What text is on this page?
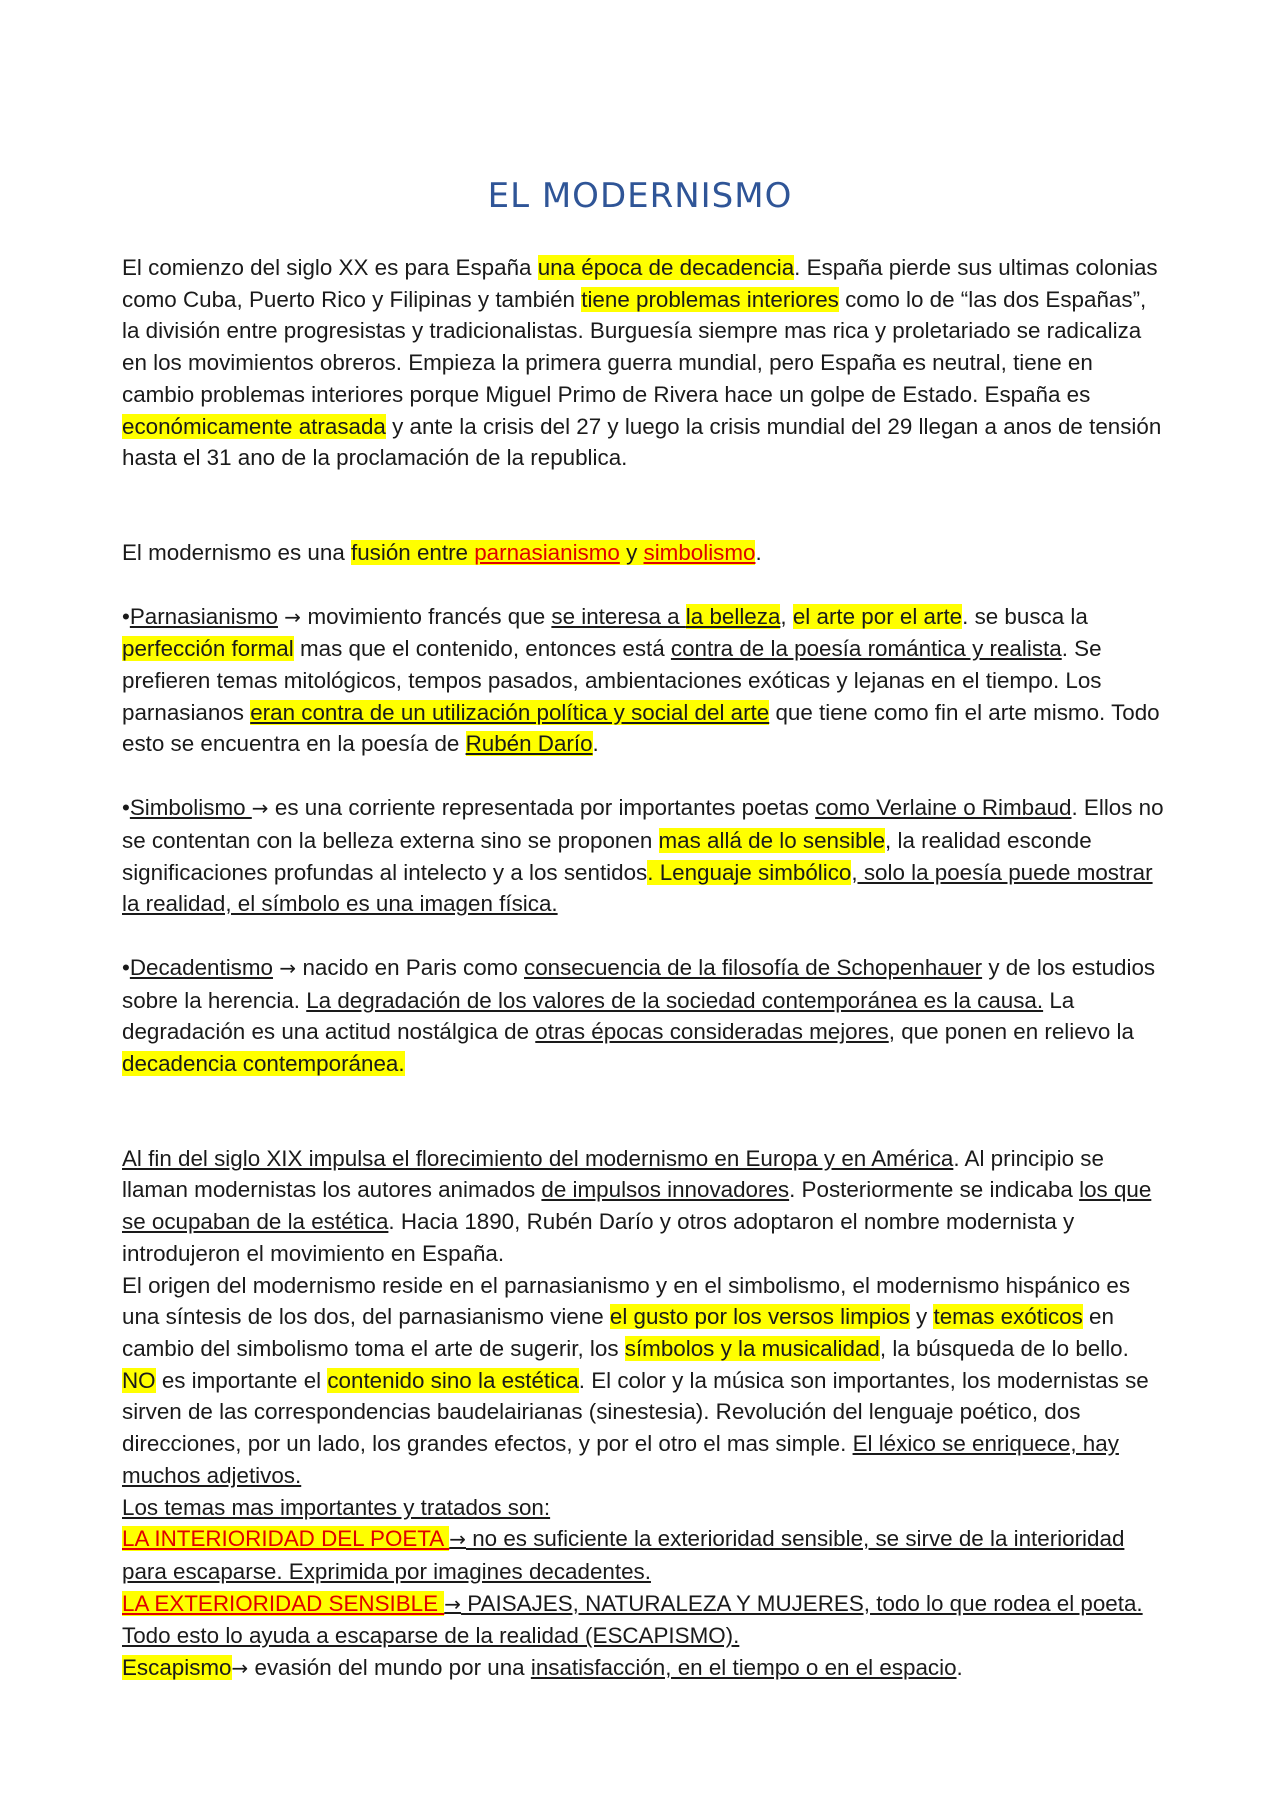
EL MODERNISMO

El comienzo del siglo XX es para España una época de decadencia. España pierde sus ultimas colonias como Cuba, Puerto Rico y Filipinas y también tiene problemas interiores como lo de “las dos Españas”, la división entre progresistas y tradicionalistas. Burguesía siempre mas rica y proletariado se radicaliza en los movimientos obreros. Empieza la primera guerra mundial, pero España es neutral, tiene en cambio problemas interiores porque Miguel Primo de Rivera hace un golpe de Estado. España es económicamente atrasada y ante la crisis del 27 y luego la crisis mundial del 29 llegan a anos de tensión hasta el 31 ano de la proclamación de la republica.

El modernismo es una fusión entre parnasianismo y simbolismo.

•Parnasianismo → movimiento francés que se interesa a la belleza, el arte por el arte. se busca la perfección formal mas que el contenido, entonces está contra de la poesía romántica y realista. Se prefieren temas mitológicos, tempos pasados, ambientaciones exóticas y lejanas en el tiempo. Los parnasianos eran contra de un utilización política y social del arte que tiene como fin el arte mismo. Todo esto se encuentra en la poesía de Rubén Darío.

•Simbolismo → es una corriente representada por importantes poetas como Verlaine o Rimbaud. Ellos no se contentan con la belleza externa sino se proponen mas allá de lo sensible, la realidad esconde significaciones profundas al intelecto y a los sentidos. Lenguaje simbólico, solo la poesía puede mostrar la realidad, el símbolo es una imagen física.

•Decadentismo → nacido en Paris como consecuencia de la filosofía de Schopenhauer y de los estudios sobre la herencia. La degradación de los valores de la sociedad contemporánea es la causa. La degradación es una actitud nostálgica de otras épocas consideradas mejores, que ponen en relievo la decadencia contemporánea.

Al fin del siglo XIX impulsa el florecimiento del modernismo en Europa y en América. Al principio se llaman modernistas los autores animados de impulsos innovadores. Posteriormente se indicaba los que se ocupaban de la estética. Hacia 1890, Rubén Darío y otros adoptaron el nombre modernista y introdujeron el movimiento en España.

El origen del modernismo reside en el parnasianismo y en el simbolismo, el modernismo hispánico es una síntesis de los dos, del parnasianismo viene el gusto por los versos limpios y temas exóticos en cambio del simbolismo toma el arte de sugerir, los símbolos y la musicalidad, la búsqueda de lo bello. NO es importante el contenido sino la estética. El color y la música son importantes, los modernistas se sirven de las correspondencias baudelairianas (sinestesia). Revolución del lenguaje poético, dos direcciones, por un lado, los grandes efectos, y por el otro el mas simple. El léxico se enriquece, hay muchos adjetivos.

Los temas mas importantes y tratados son:

LA INTERIORIDAD DEL POETA → no es suficiente la exterioridad sensible, se sirve de la interioridad para escaparse. Exprimida por imagines decadentes.

LA EXTERIORIDAD SENSIBLE → PAISAJES, NATURALEZA Y MUJERES, todo lo que rodea el poeta. Todo esto lo ayuda a escaparse de la realidad (ESCAPISMO).

Escapismo→ evasión del mundo por una insatisfacción, en el tiempo o en el espacio.
